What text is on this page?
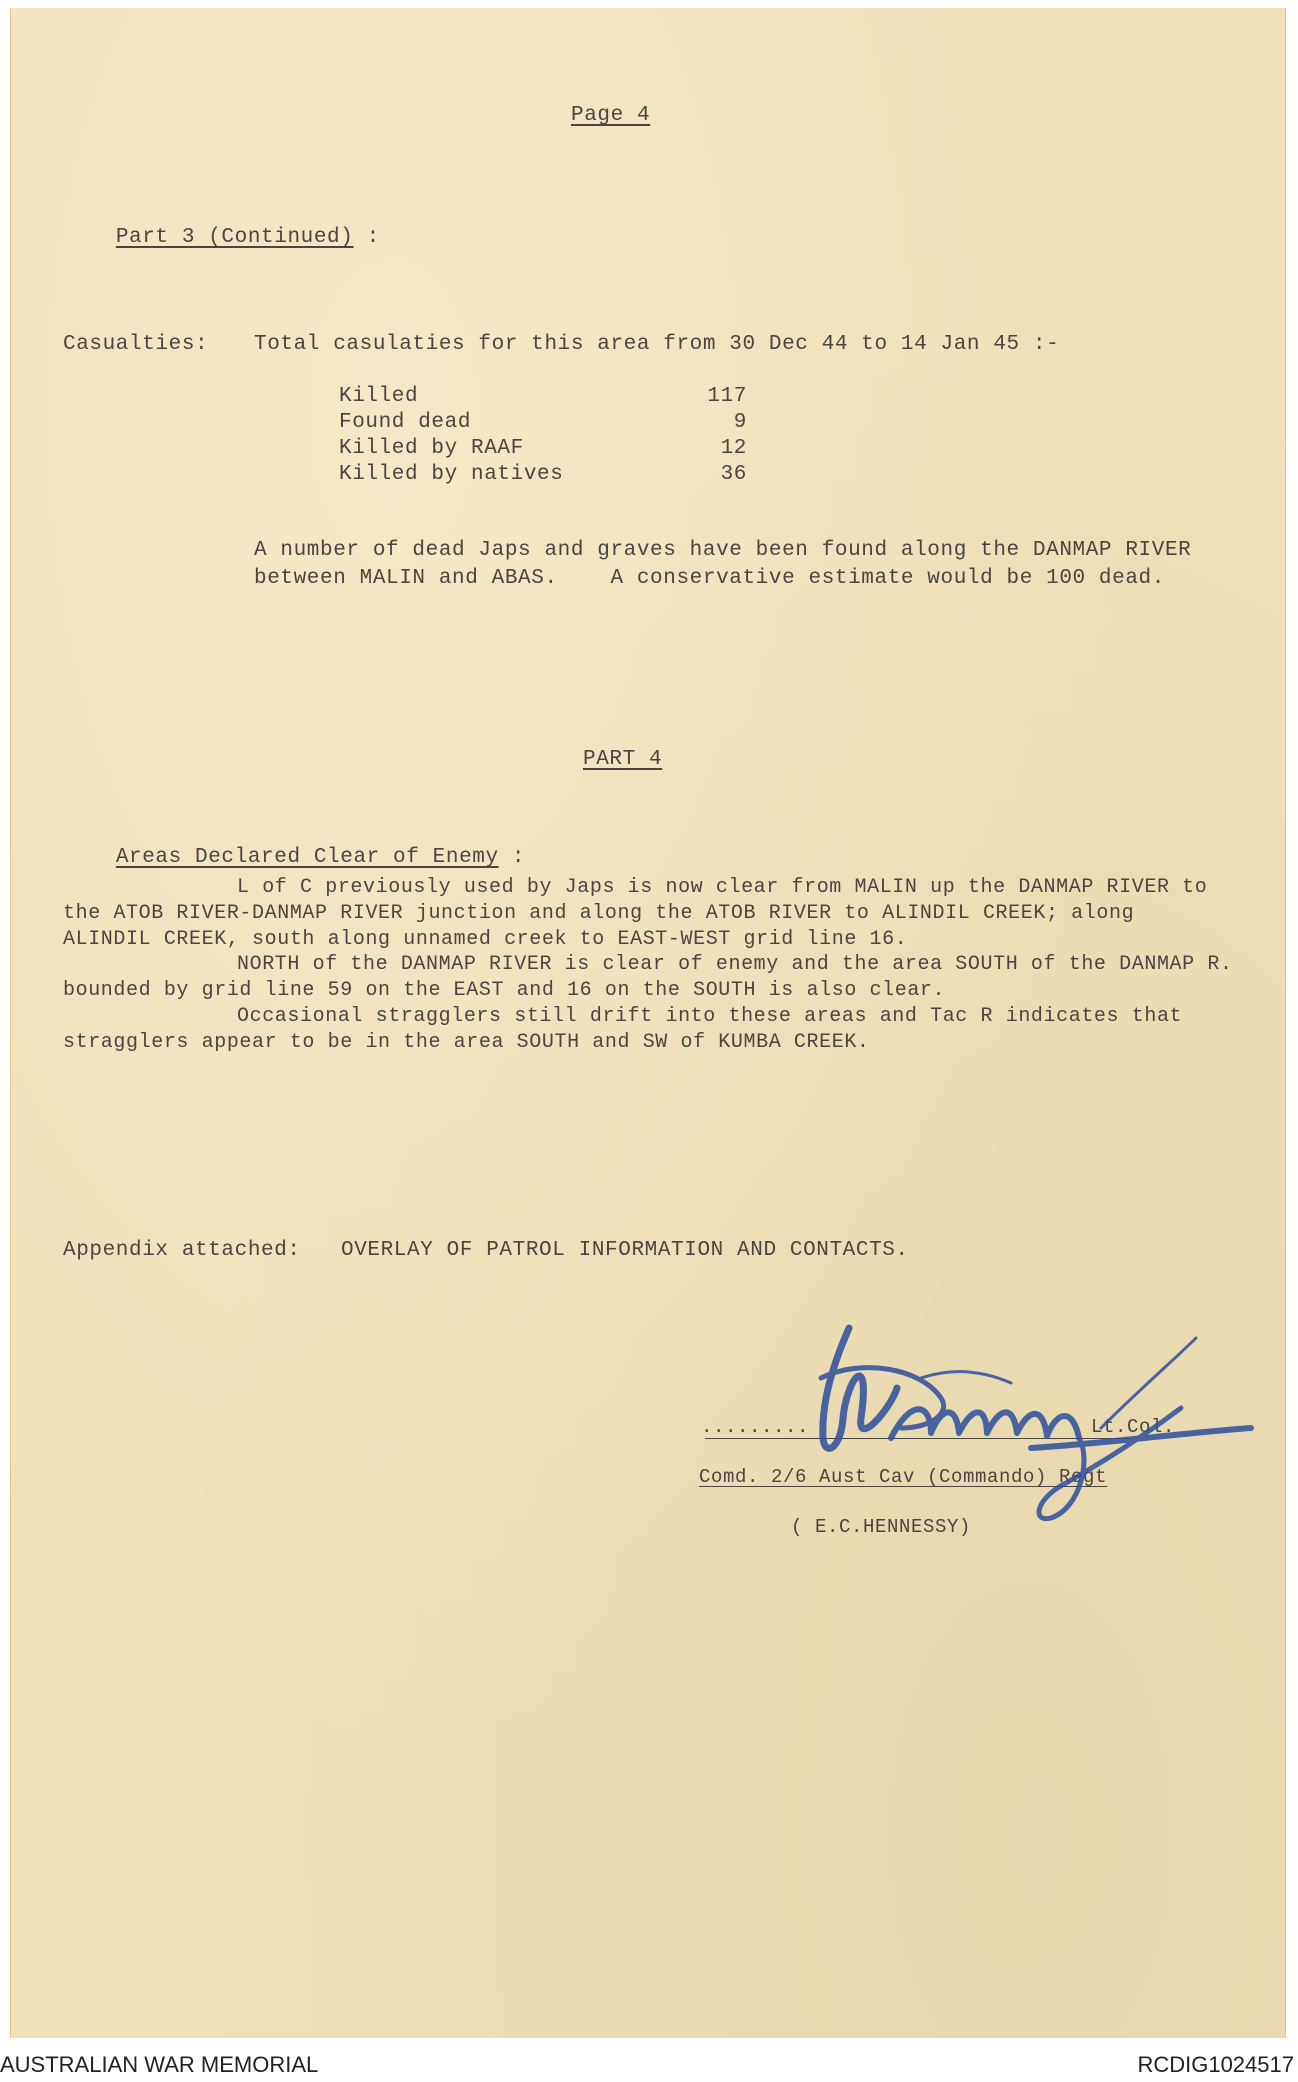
Page 4

Part 3 (Continued) :

Casualties: Total casulaties for this area from 30 Dec 44 to 14 Jan 45 :-
Killed	117
Found dead	9
Killed by RAAF	12
Killed by natives	36
A number of dead Japs and graves have been found along the DANMAP RIVER
between MALIN and ABAS.    A conservative estimate would be 100 dead.
PART 4

Areas Declared Clear of Enemy :

L of C previously used by Japs is now clear from MALIN up the DANMAP RIVER to
the ATOB RIVER-DANMAP RIVER junction and along the ATOB RIVER to ALINDIL CREEK; along
ALINDIL CREEK, south along unnamed creek to EAST-WEST grid line 16.
NORTH of the DANMAP RIVER is clear of enemy and the area SOUTH of the DANMAP R.
bounded by grid line 59 on the EAST and 16 on the SOUTH is also clear.
Occasional stragglers still drift into these areas and Tac R indicates that
stragglers appear to be in the area SOUTH and SW of KUMBA CREEK.
Appendix attached: OVERLAY OF PATROL INFORMATION AND CONTACTS.
.........	Lt.Col.
Comd. 2/6 Aust Cav (Commando) Regt
( E.C.HENNESSY)
AUSTRALIAN WAR MEMORIAL	RCDIG1024517
